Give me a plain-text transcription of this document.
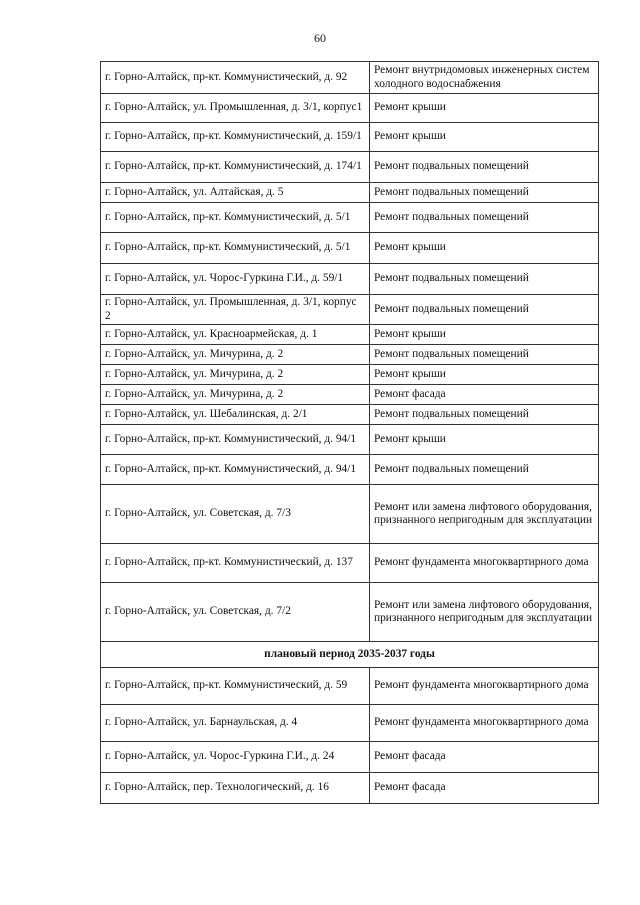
60
г. Горно-Алтайск, пр-кт. Коммунистический, д. 92	Ремонт внутридомовых инженерных систем холодного водоснабжения
г. Горно-Алтайск, ул. Промышленная, д. 3/1, корпус1	Ремонт крыши
г. Горно-Алтайск, пр-кт. Коммунистический, д. 159/1	Ремонт крыши
г. Горно-Алтайск, пр-кт. Коммунистический, д. 174/1	Ремонт подвальных помещений
г. Горно-Алтайск, ул. Алтайская, д. 5	Ремонт подвальных помещений
г. Горно-Алтайск, пр-кт. Коммунистический, д. 5/1	Ремонт подвальных помещений
г. Горно-Алтайск, пр-кт. Коммунистический, д. 5/1	Ремонт крыши
г. Горно-Алтайск, ул. Чорос-Гуркина Г.И., д. 59/1	Ремонт подвальных помещений
г. Горно-Алтайск, ул. Промышленная, д. 3/1, корпус 2	Ремонт подвальных помещений
г. Горно-Алтайск, ул. Красноармейская, д. 1	Ремонт крыши
г. Горно-Алтайск, ул. Мичурина, д. 2	Ремонт подвальных помещений
г. Горно-Алтайск, ул. Мичурина, д. 2	Ремонт крыши
г. Горно-Алтайск, ул. Мичурина, д. 2	Ремонт фасада
г. Горно-Алтайск, ул. Шебалинская, д. 2/1	Ремонт подвальных помещений
г. Горно-Алтайск, пр-кт. Коммунистический, д. 94/1	Ремонт крыши
г. Горно-Алтайск, пр-кт. Коммунистический, д. 94/1	Ремонт подвальных помещений
г. Горно-Алтайск, ул. Советская, д. 7/3	Ремонт или замена лифтового оборудования, признанного непригодным для эксплуатации
г. Горно-Алтайск, пр-кт. Коммунистический, д. 137	Ремонт фундамента многоквартирного дома
г. Горно-Алтайск, ул. Советская, д. 7/2	Ремонт или замена лифтового оборудования, признанного непригодным для эксплуатации
плановый период 2035-2037 годы	
г. Горно-Алтайск, пр-кт. Коммунистический, д. 59	Ремонт фундамента многоквартирного дома
г. Горно-Алтайск, ул. Барнаульская, д. 4	Ремонт фундамента многоквартирного дома
г. Горно-Алтайск, ул. Чорос-Гуркина Г.И., д. 24	Ремонт фасада
г. Горно-Алтайск, пер. Технологический, д. 16	Ремонт фасада
